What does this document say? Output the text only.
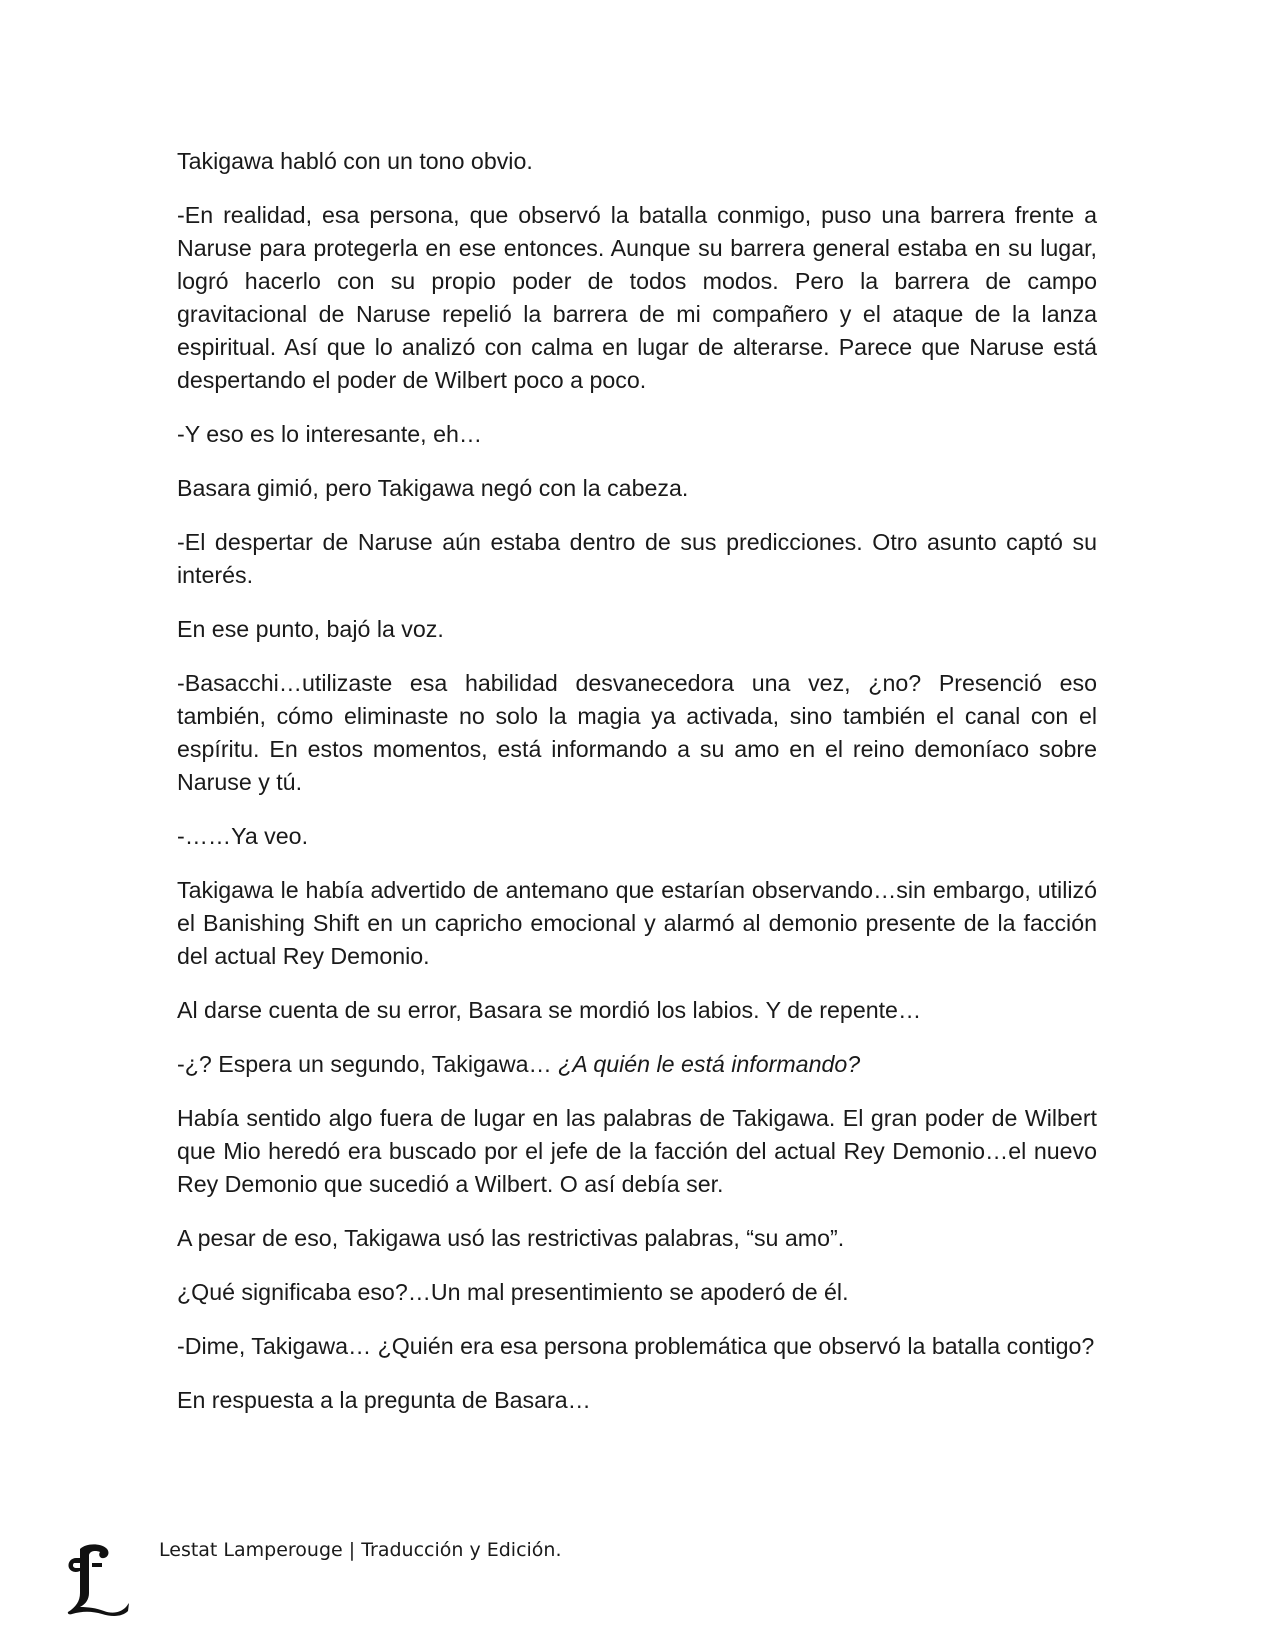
Takigawa habló con un tono obvio.

-En realidad, esa persona, que observó la batalla conmigo, puso una barrera frente a Naruse para protegerla en ese entonces. Aunque su barrera general estaba en su lugar, logró hacerlo con su propio poder de todos modos. Pero la barrera de campo gravitacional de Naruse repelió la barrera de mi compañero y el ataque de la lanza espiritual. Así que lo analizó con calma en lugar de alterarse. Parece que Naruse está despertando el poder de Wilbert poco a poco.

-Y eso es lo interesante, eh…

Basara gimió, pero Takigawa negó con la cabeza.

-El despertar de Naruse aún estaba dentro de sus predicciones. Otro asunto captó su interés.

En ese punto, bajó la voz.

-Basacchi…utilizaste esa habilidad desvanecedora una vez, ¿no? Presenció eso también, cómo eliminaste no solo la magia ya activada, sino también el canal con el espíritu. En estos momentos, está informando a su amo en el reino demoníaco sobre Naruse y tú.

-……Ya veo.

Takigawa le había advertido de antemano que estarían observando…sin embargo, utilizó el Banishing Shift en un capricho emocional y alarmó al demonio presente de la facción del actual Rey Demonio.

Al darse cuenta de su error, Basara se mordió los labios. Y de repente…

-¿? Espera un segundo, Takigawa… ¿A quién le está informando?

Había sentido algo fuera de lugar en las palabras de Takigawa. El gran poder de Wilbert que Mio heredó era buscado por el jefe de la facción del actual Rey Demonio…el nuevo Rey Demonio que sucedió a Wilbert. O así debía ser.

A pesar de eso, Takigawa usó las restrictivas palabras, “su amo”.

¿Qué significaba eso?…Un mal presentimiento se apoderó de él.

-Dime, Takigawa… ¿Quién era esa persona problemática que observó la batalla contigo?

En respuesta a la pregunta de Basara…

Lestat Lamperouge | Traducción y Edición.
